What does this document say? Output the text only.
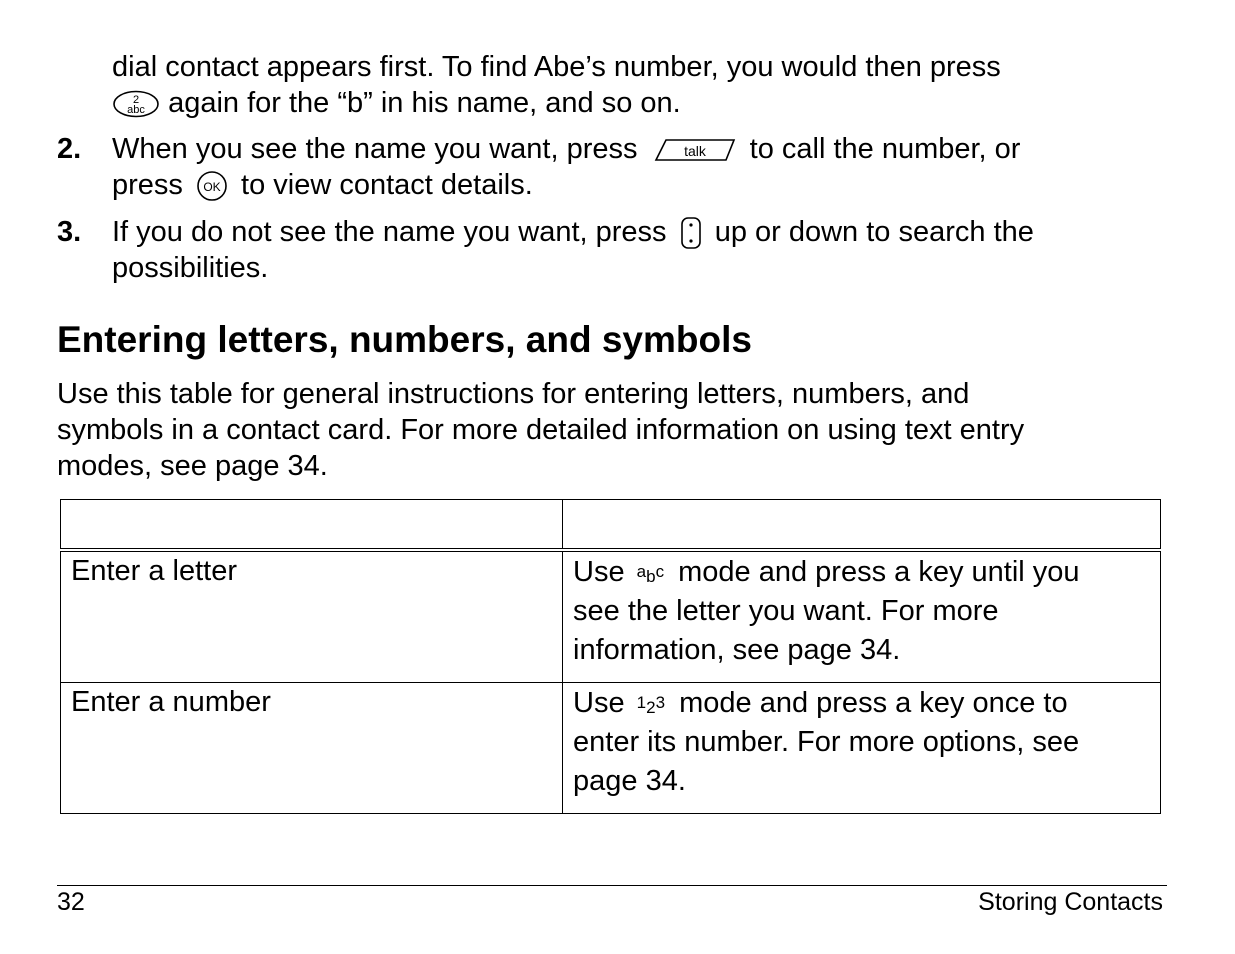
dial contact appears first. To find Abe’s number, you would then press

2
abc again for the “b” in his name, and so on.

2. When you see the name you want, press	talk to call the number, or
press OK to view contact details.

3. If you do not see the name you want, press up or down to search the
possibilities.

Entering letters, numbers, and symbols

Use this table for general instructions for entering letters, numbers, and
symbols in a contact card. For more detailed information on using text entry
modes, see page 34.

Enter a letter	Use abc mode and press a key until you
see the letter you want. For more
information, see page 34.
Enter a number	Use 123 mode and press a key once to
enter its number. For more options, see
page 34.
32	Storing Contacts
